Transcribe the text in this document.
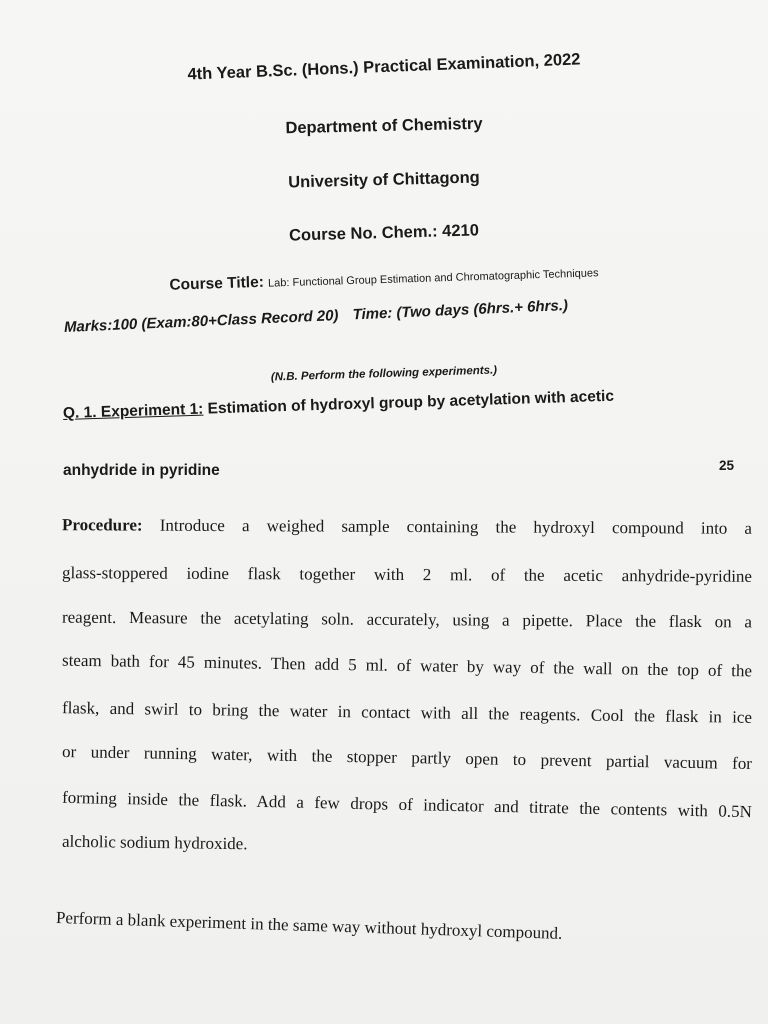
4th Year B.Sc. (Hons.) Practical Examination, 2022
Department of Chemistry
University of Chittagong
Course No. Chem.: 4210
Course Title: Lab: Functional Group Estimation and Chromatographic Techniques
Marks:100 (Exam:80+Class Record 20) Time: (Two days (6hrs.+ 6hrs.)
(N.B. Perform the following experiments.)
Q. 1. Experiment 1: Estimation of hydroxyl group by acetylation with acetic
anhydride in pyridine	25
Procedure: Introduce a weighed sample containing the hydroxyl compound into a
glass-stoppered iodine flask together with 2 ml. of the acetic anhydride-pyridine
reagent. Measure the acetylating soln. accurately, using a pipette. Place the flask on a
steam bath for 45 minutes. Then add 5 ml. of water by way of the wall on the top of the
flask, and swirl to bring the water in contact with all the reagents. Cool the flask in ice
or under running water, with the stopper partly open to prevent partial vacuum for
forming inside the flask. Add a few drops of indicator and titrate the contents with 0.5N
alcholic sodium hydroxide.
Perform a blank experiment in the same way without hydroxyl compound.
